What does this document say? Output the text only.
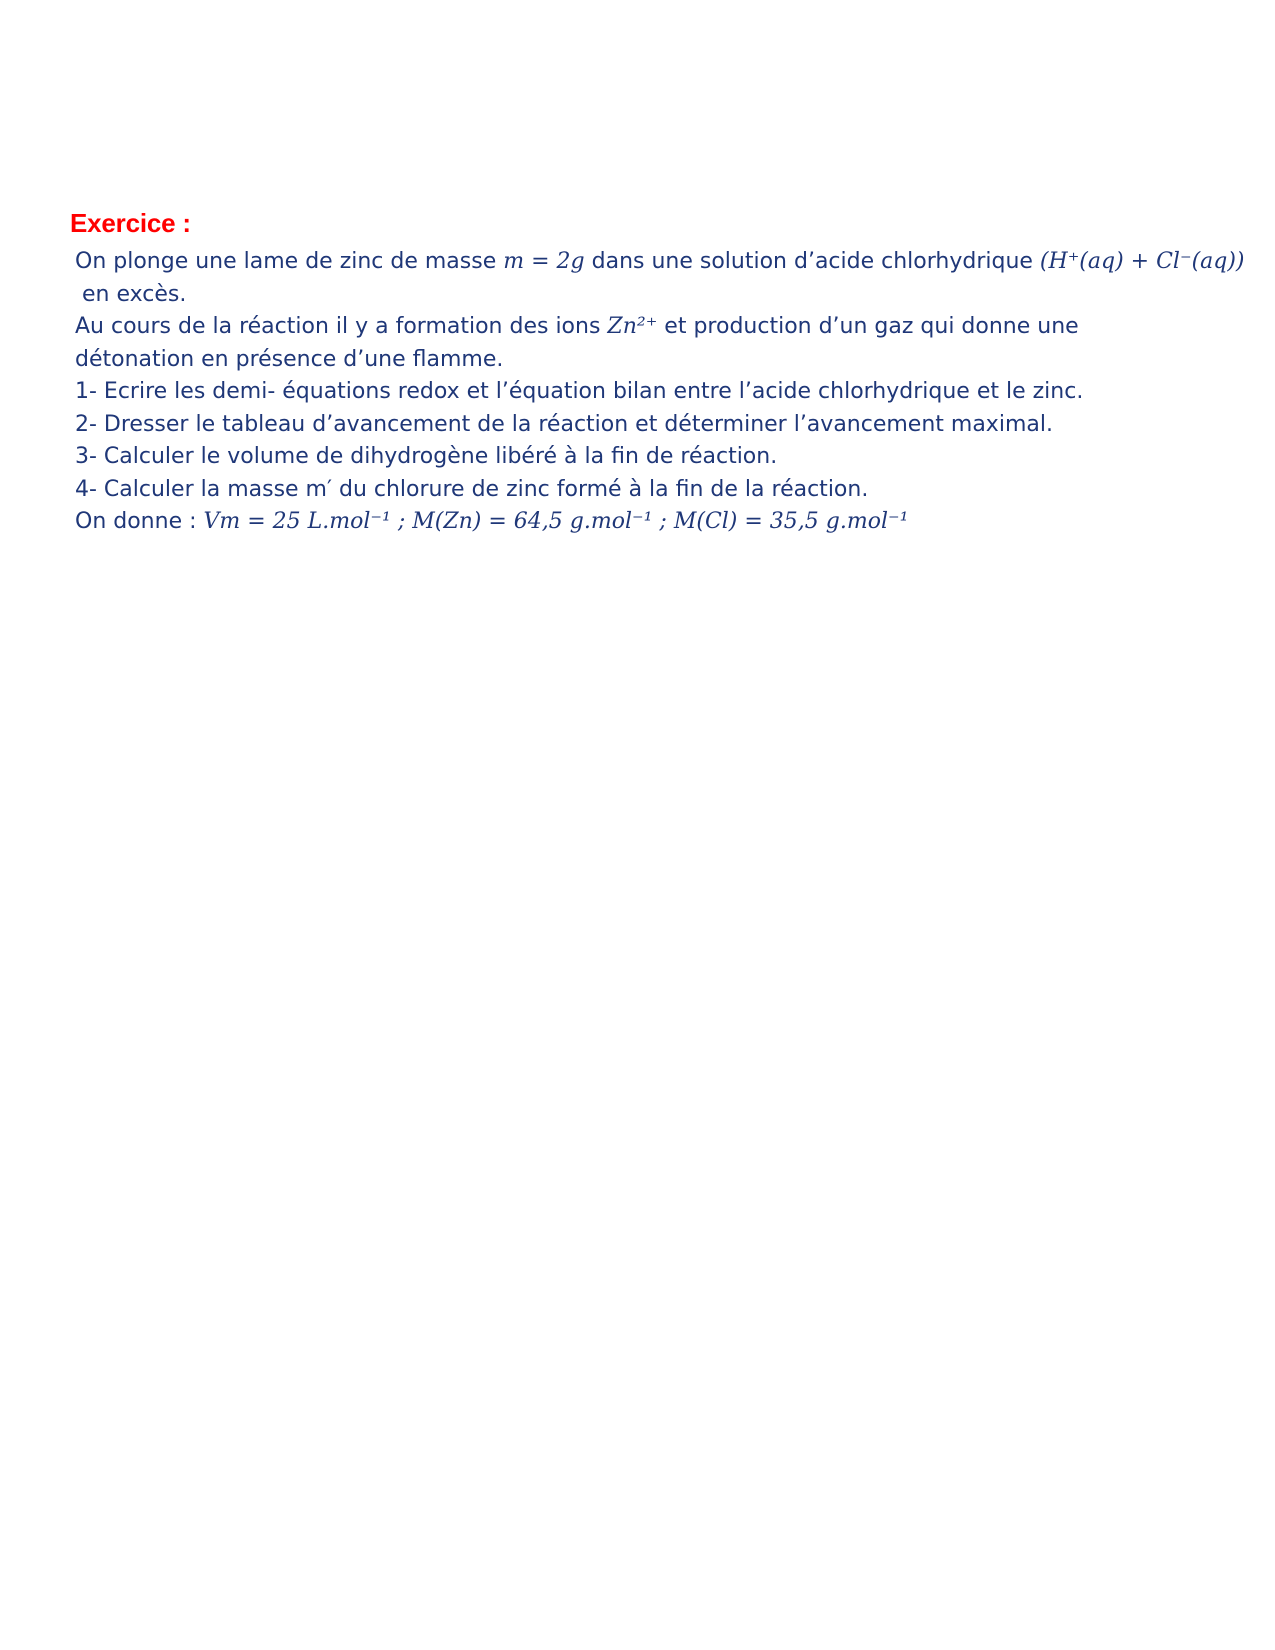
Exercice :
On plonge une lame de zinc de masse m = 2g dans une solution d’acide chlorhydrique (H⁺(aq) + Cl⁻(aq))
en excès.
Au cours de la réaction il y a formation des ions Zn²⁺ et production d’un gaz qui donne une
détonation en présence d’une flamme.
1- Ecrire les demi- équations redox et l’équation bilan entre l’acide chlorhydrique et le zinc.
2- Dresser le tableau d’avancement de la réaction et déterminer l’avancement maximal.
3- Calculer le volume de dihydrogène libéré à la fin de réaction.
4- Calculer la masse m′ du chlorure de zinc formé à la fin de la réaction.
On donne : Vm = 25 L.mol⁻¹ ; M(Zn) = 64,5 g.mol⁻¹ ; M(Cl) = 35,5 g.mol⁻¹
